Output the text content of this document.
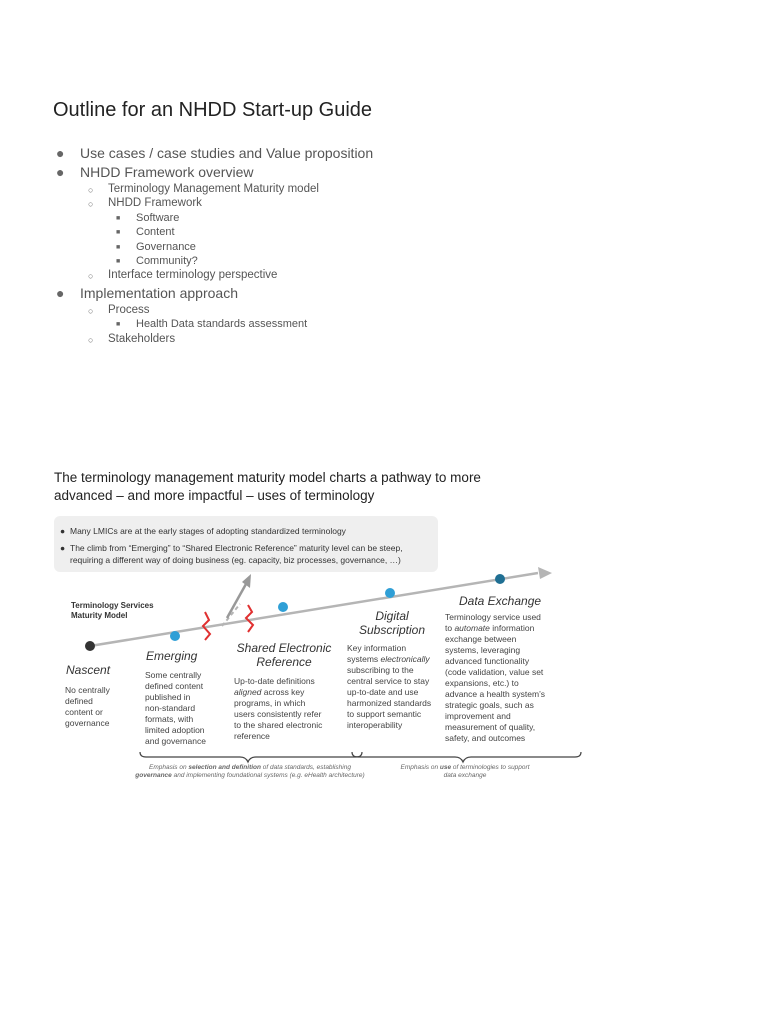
Outline for an NHDD Start-up Guide
● Use cases / case studies and Value proposition
● NHDD Framework overview
○ Terminology Management Maturity model
○ NHDD Framework
■ Software
■ Content
■ Governance
■ Community?
○ Interface terminology perspective
● Implementation approach
○ Process
■ Health Data standards assessment
○ Stakeholders
The terminology management maturity model charts a pathway to more
advanced – and more impactful – uses of terminology
● Many LMICs are at the early stages of adopting standardized terminology
● The climb from “Emerging” to “Shared Electronic Reference” maturity level can be steep,
requiring a different way of doing business (eg. capacity, biz processes, governance, …)
Terminology Services
Maturity Model
Nascent
No centrally
defined
content or
governance
Emerging
Some centrally
defined content
published in
non-standard
formats, with
limited adoption
and governance
Shared Electronic
Reference
Up-to-date definitions
aligned across key
programs, in which
users consistently refer
to the shared electronic
reference
Digital
Subscription
Key information
systems electronically
subscribing to the
central service to stay
up-to-date and use
harmonized standards
to support semantic
interoperability
Data Exchange
Terminology service used
to automate information
exchange between
systems, leveraging
advanced functionality
(code validation, value set
expansions, etc.) to
advance a health system’s
strategic goals, such as
improvement and
measurement of quality,
safety, and outcomes
Emphasis on selection and definition of data standards, establishing
governance and implementing foundational systems (e.g. eHealth architecture)
Emphasis on use of terminologies to support
data exchange
